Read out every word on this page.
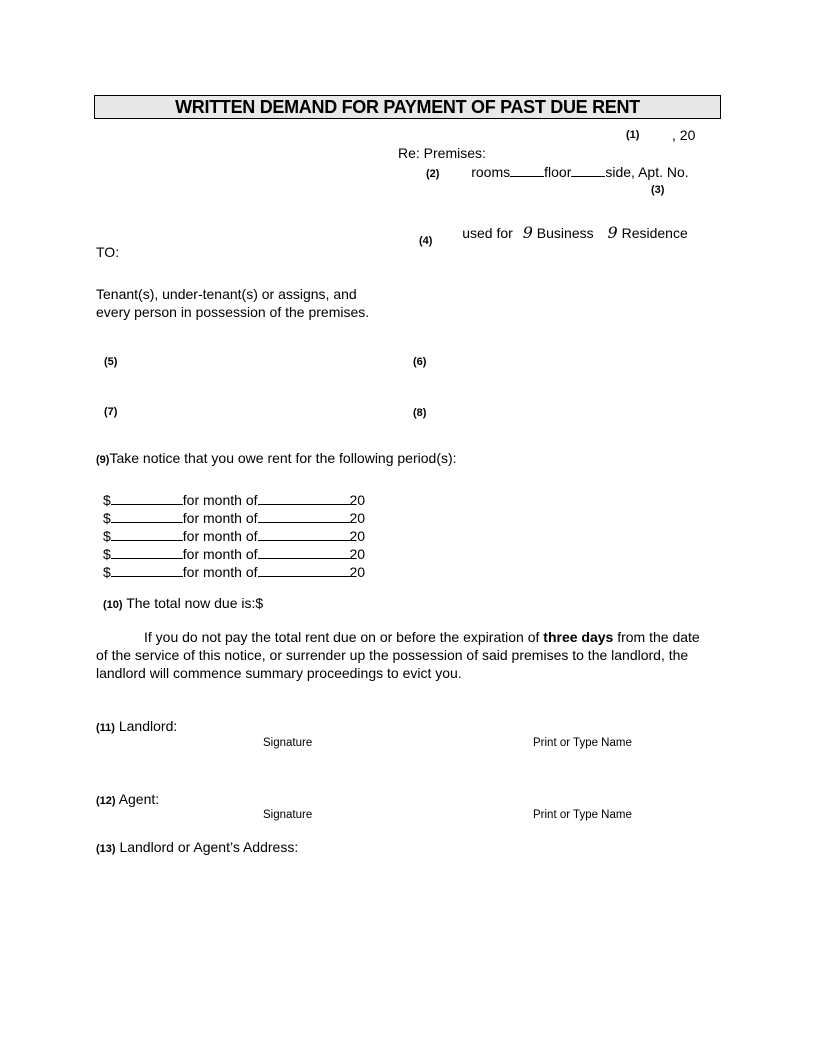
WRITTEN DEMAND FOR PAYMENT OF PAST DUE RENT
(1) , 20
Re: Premises:
(2) rooms floor side, Apt. No.
(3)
$_{(4)}$ used for 9 Business 9 Residence
TO:
Tenant(s), under-tenant(s) or assigns, and
every person in possession of the premises.
(5)	(6)
(7)	(8)
(9)Take notice that you owe rent for the following period(s):
$	for month of	20
$	for month of	20
$	for month of	20
$	for month of	20
$	for month of	20
(10) The total now due is:$
If you do not pay the total rent due on or before the expiration of three days from the date of the service of this notice, or surrender up the possession of said premises to the landlord, the landlord will commence summary proceedings to evict you.
(11) Landlord:
Signature	Print or Type Name
(12) Agent:
Signature	Print or Type Name
(13) Landlord or Agent’s Address:
